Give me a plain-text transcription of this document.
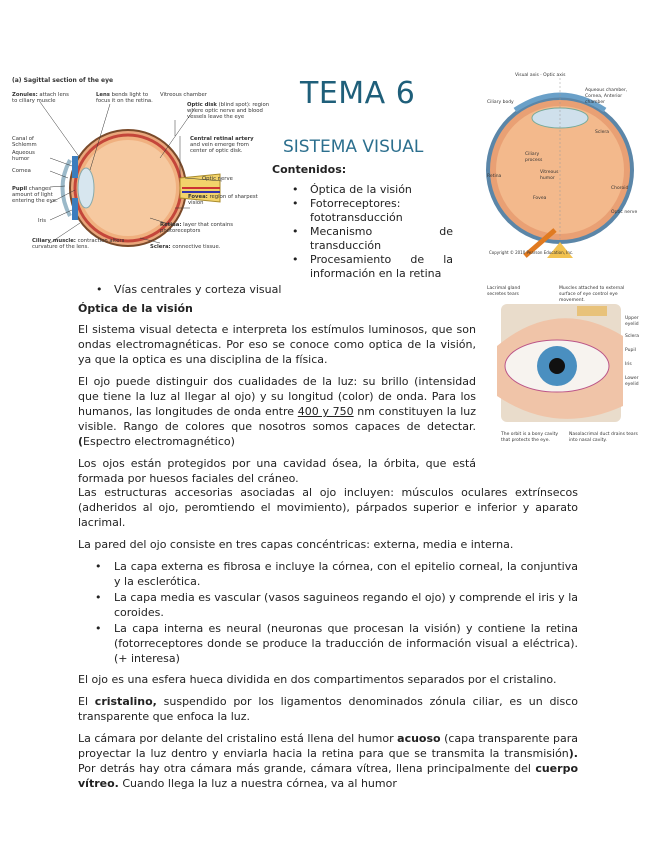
TEMA 6
SISTEMA VISUAL
Contenidos:
• Óptica de la visión
• Fotorreceptores: fototransducción
• Mecanismo de transducción
• Procesamiento de la información en la retina
• Vías centrales y corteza visual
(a) Sagittal section of the eye
Zonules: attach lens to ciliary muscle
Lens bends light to focus it on the retina.
Vitreous chamber
Optic disk (blind spot): region where optic nerve and blood vessels leave the eye
Canal of Schlemm
Aqueous humor
Cornea
Central retinal artery and vein emerge from center of optic disk.
Optic nerve
Pupil changes amount of light entering the eye.
Iris
Fovea: region of sharpest vision
Retina: layer that contains photoreceptors
Ciliary muscle: contraction alters curvature of the lens.	Sclera: connective tissue.
Visual axis · Optic axis
Ciliary body
Aqueous chamber, Cornea, Anterior chamber
Sclera
Ciliary process
Vitreous humor
Retina
Choroid
Fovea
Optic nerve
Copyright © 2010 Pearson Education, Inc.
Lacrimal gland secretes tears
Muscles attached to external surface of eye control eye movement.
Upper eyelid
Sclera
Pupil
Iris
Lower eyelid
The orbit is a bony cavity that protects the eye.
Nasolacrimal duct drains tears into nasal cavity.

Óptica de la visión

El sistema visual detecta e interpreta los estímulos luminosos, que son ondas electromagnéticas. Por eso se conoce como optica de la visión, ya que la optica es una disciplina de la física.

El ojo puede distinguir dos cualidades de la luz: su brillo (intensidad que tiene la luz al llegar al ojo) y su longitud (color) de onda. Para los humanos, las longitudes de onda entre 400 y 750 nm constituyen la luz visible. Rango de colores que nosotros somos capaces de detectar. (Espectro electromagnético)

Los ojos están protegidos por una cavidad ósea, la órbita, que está formada por huesos faciales del cráneo.

Las estructuras accesorias asociadas al ojo incluyen: músculos oculares extrínsecos (adheridos al ojo, peromtiendo el movimiento), párpados superior e inferior y aparato lacrimal.

La pared del ojo consiste en tres capas concéntricas: externa, media e interna.

• La capa externa es fibrosa e incluye la córnea, con el epitelio corneal, la conjuntiva y la esclerótica.
• La capa media es vascular (vasos saguineos regando el ojo) y comprende el iris y la coroides.
• La capa interna es neural (neuronas que procesan la visión) y contiene la retina (fotorreceptores donde se produce la traducción de información visual a eléctrica). (+ interesa)

El ojo es una esfera hueca dividida en dos compartimentos separados por el cristalino.

El cristalino, suspendido por los ligamentos denominados zónula ciliar, es un disco transparente que enfoca la luz.

La cámara por delante del cristalino está llena del humor acuoso (capa transparente para proyectar la luz dentro y enviarla hacia la retina para que se transmita la transmisión). Por detrás hay otra cámara más grande, cámara vítrea, llena principalmente del cuerpo vítreo. Cuando llega la luz a nuestra córnea, va al humor
